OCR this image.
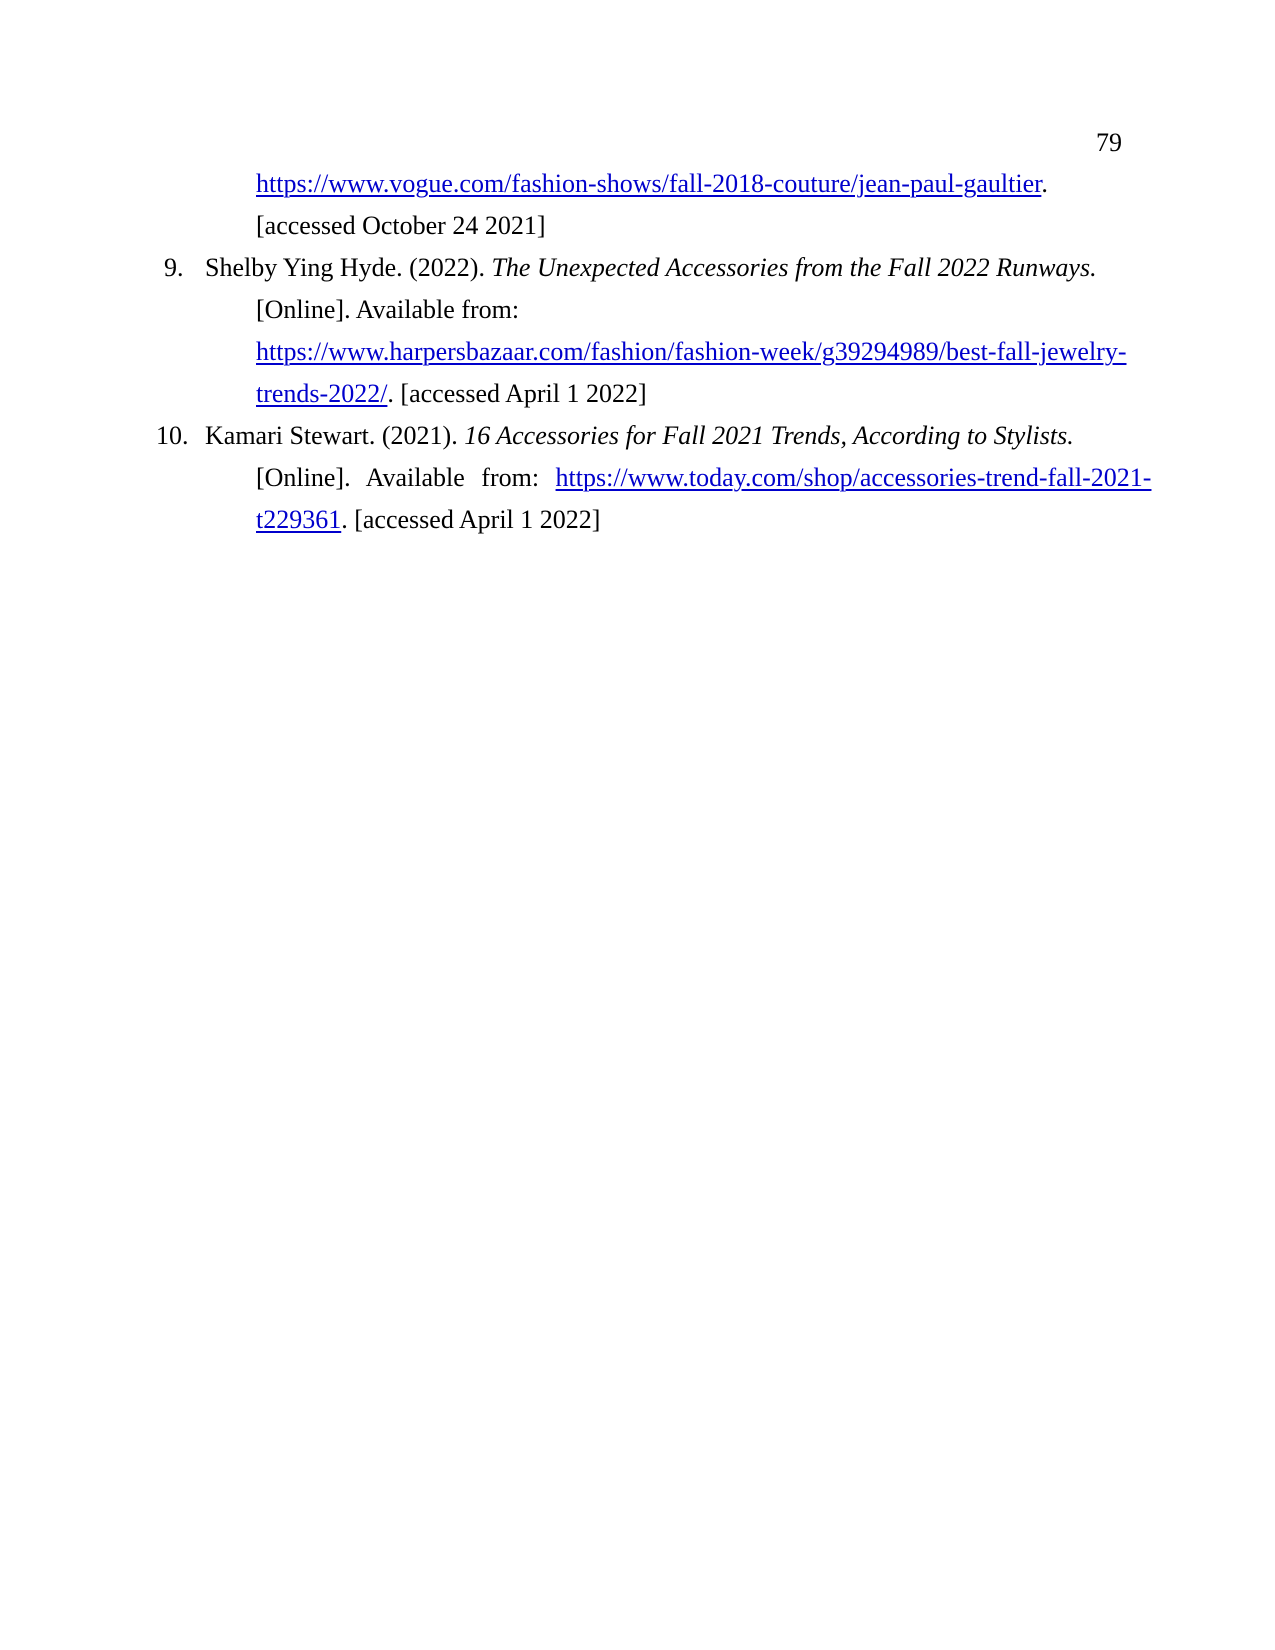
79
https://www.vogue.com/fashion-shows/fall-2018-couture/jean-paul-gaultier.
[accessed October 24 2021]
9. Shelby Ying Hyde. (2022). The Unexpected Accessories from the Fall 2022 Runways.
[Online]. Available from:
https://www.harpersbazaar.com/fashion/fashion-week/g39294989/best-fall-jewelry-
trends-2022/. [accessed April 1 2022]
10. Kamari Stewart. (2021). 16 Accessories for Fall 2021 Trends, According to Stylists.
[Online]. Available from: https://www.today.com/shop/accessories-trend-fall-2021-
t229361. [accessed April 1 2022]
